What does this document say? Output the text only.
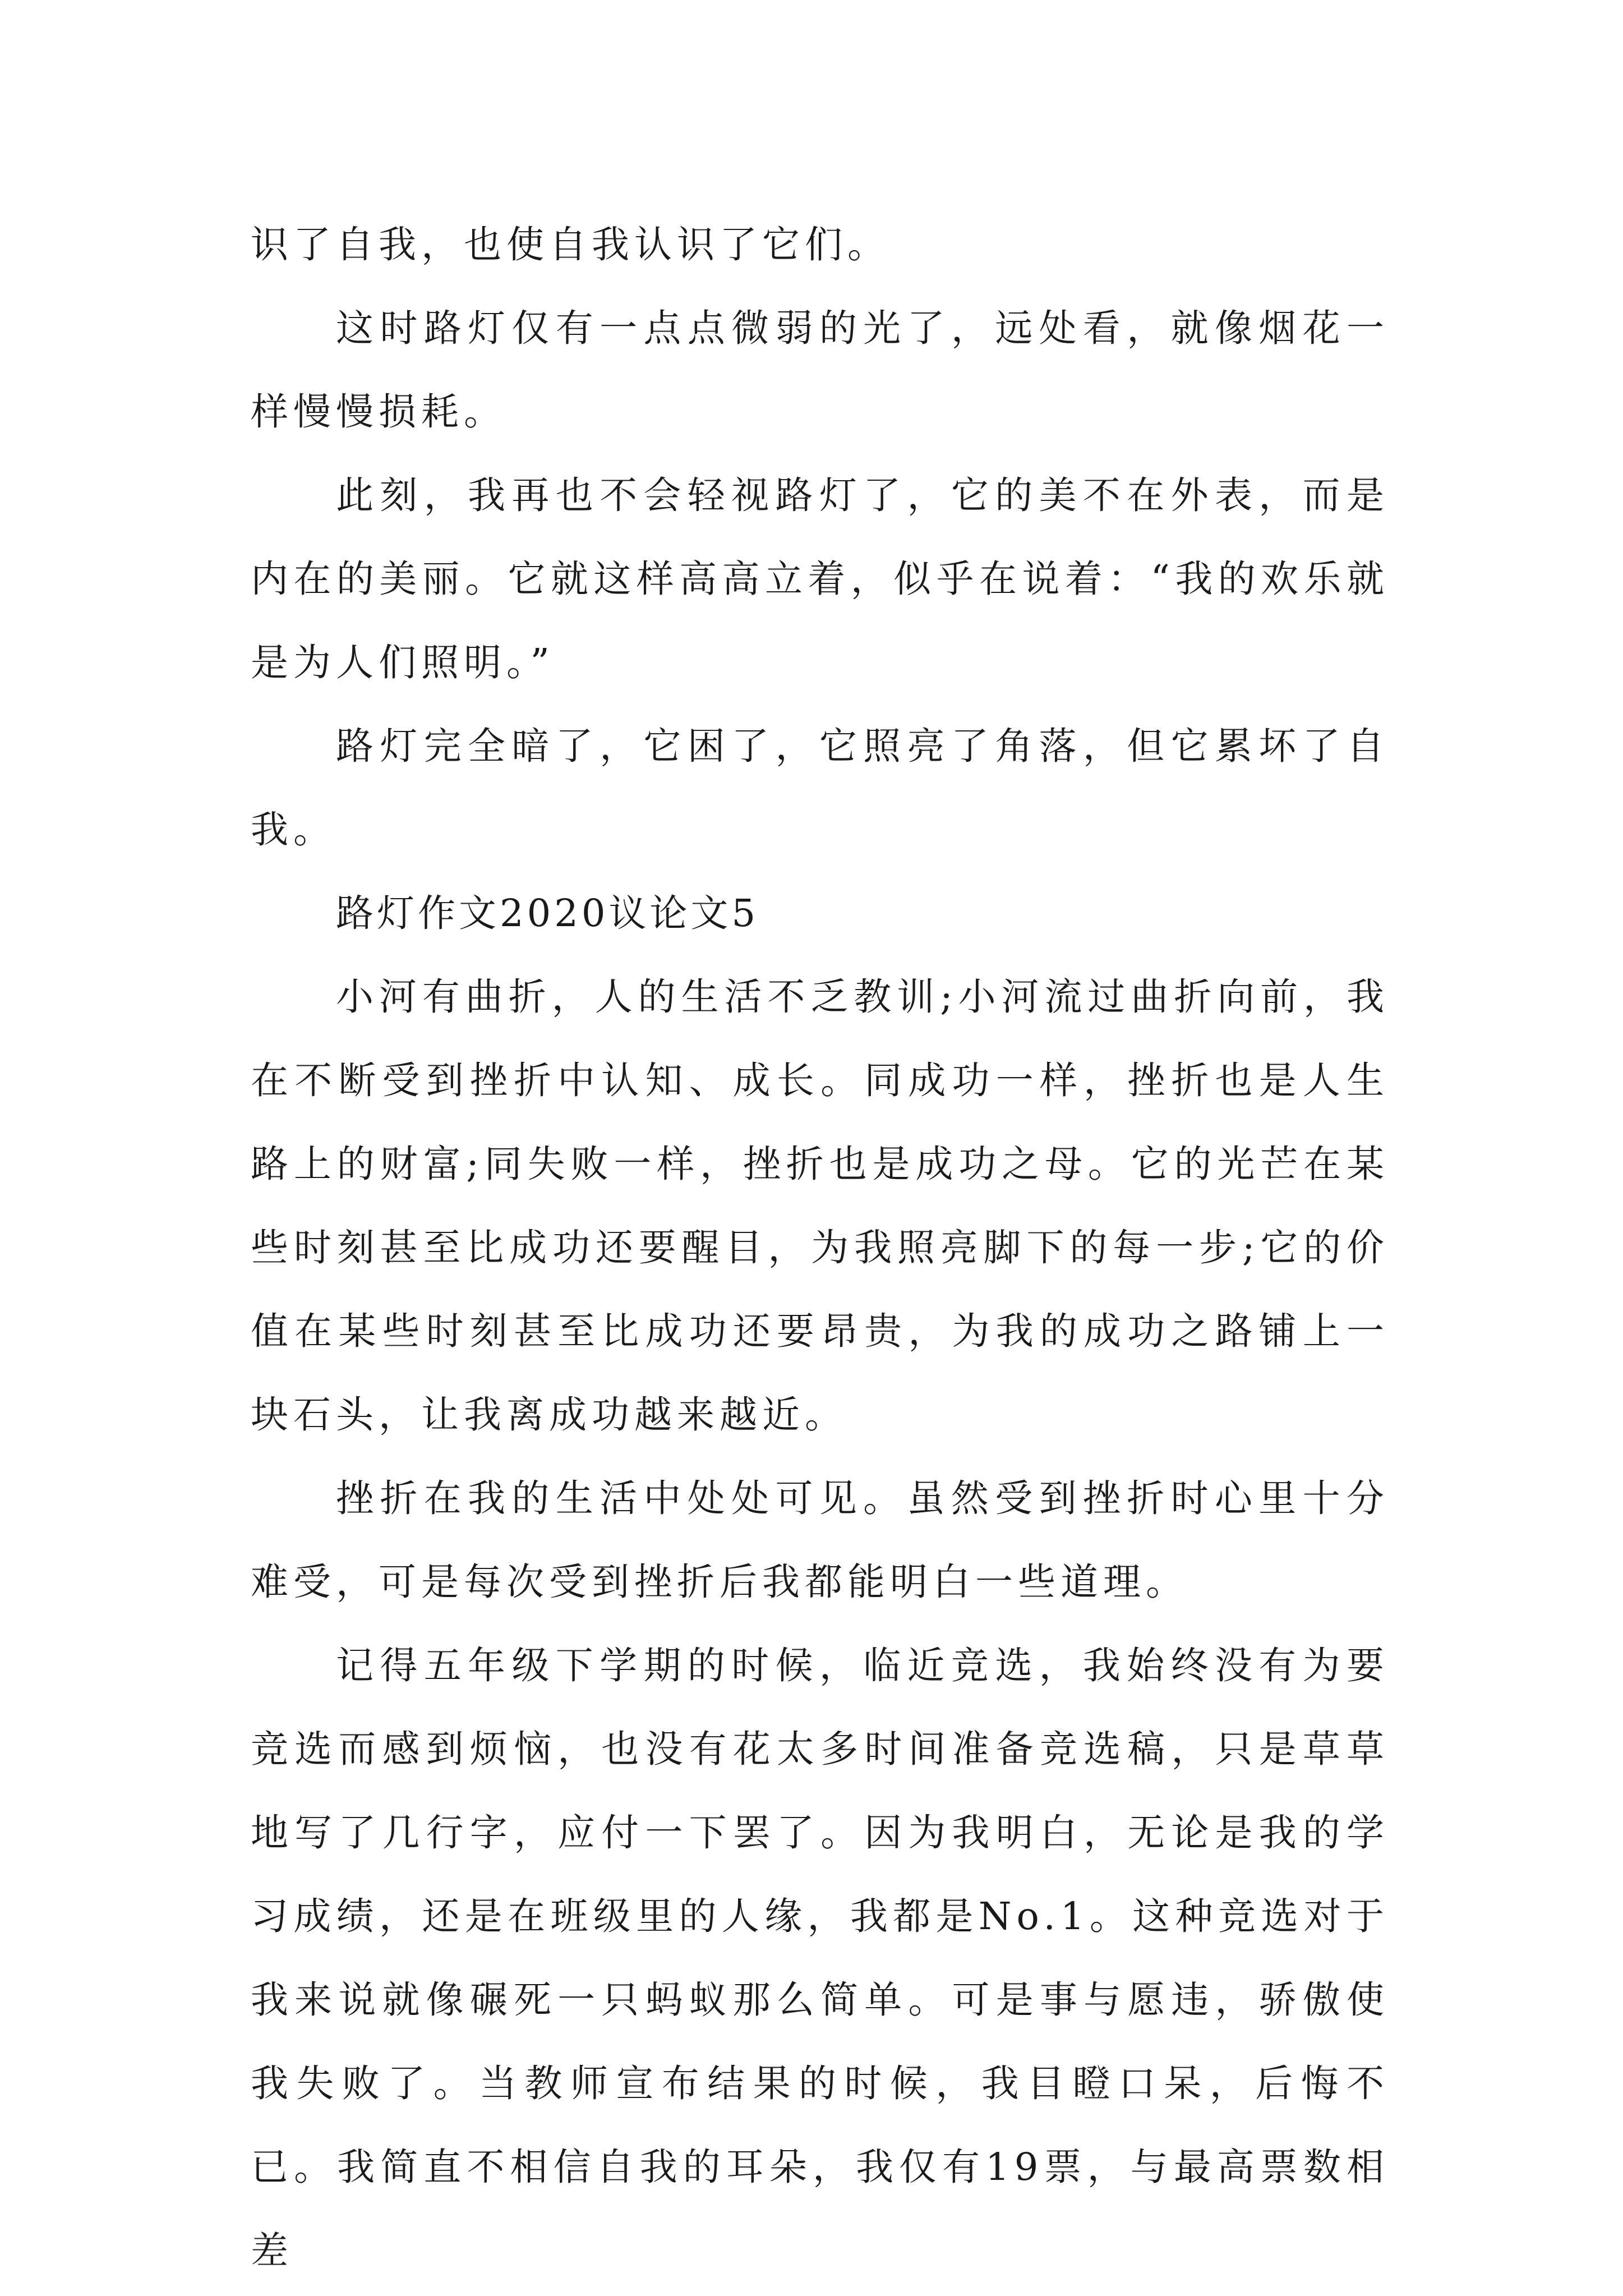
识了自我，也使自我认识了它们。

这时路灯仅有一点点微弱的光了，远处看，就像烟花一样慢慢损耗。

此刻，我再也不会轻视路灯了，它的美不在外表，而是内在的美丽。它就这样高高立着，似乎在说着：“我的欢乐就是为人们照明。”

路灯完全暗了，它困了，它照亮了角落，但它累坏了自我。

路灯作文2020议论文5

小河有曲折，人的生活不乏教训;小河流过曲折向前，我在不断受到挫折中认知、成长。同成功一样，挫折也是人生路上的财富;同失败一样，挫折也是成功之母。它的光芒在某些时刻甚至比成功还要醒目，为我照亮脚下的每一步;它的价值在某些时刻甚至比成功还要昂贵，为我的成功之路铺上一块石头，让我离成功越来越近。

挫折在我的生活中处处可见。虽然受到挫折时心里十分难受，可是每次受到挫折后我都能明白一些道理。

记得五年级下学期的时候，临近竞选，我始终没有为要竞选而感到烦恼，也没有花太多时间准备竞选稿，只是草草地写了几行字，应付一下罢了。因为我明白，无论是我的学习成绩，还是在班级里的人缘，我都是No.1。这种竞选对于我来说就像碾死一只蚂蚁那么简单。可是事与愿违，骄傲使我失败了。当教师宣布结果的时候，我目瞪口呆，后悔不已。我简直不相信自我的耳朵，我仅有19票，与最高票数相差
